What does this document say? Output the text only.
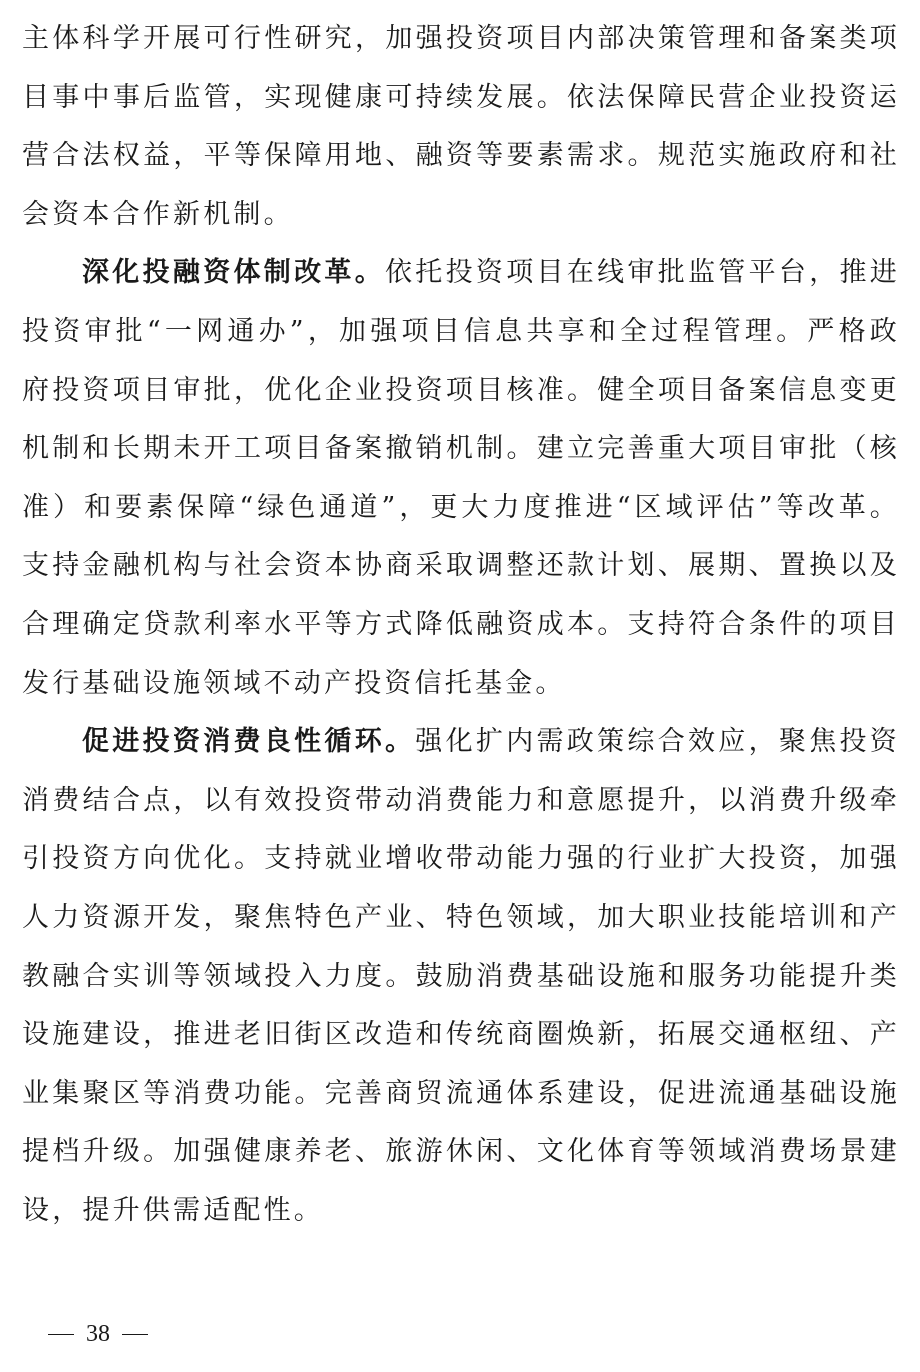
主体科学开展可行性研究，加强投资项目内部决策管理和备案类项目事中事后监管，实现健康可持续发展。依法保障民营企业投资运营合法权益，平等保障用地、融资等要素需求。规范实施政府和社会资本合作新机制。

深化投融资体制改革。依托投资项目在线审批监管平台，推进投资审批“一网通办”，加强项目信息共享和全过程管理。严格政府投资项目审批，优化企业投资项目核准。健全项目备案信息变更机制和长期未开工项目备案撤销机制。建立完善重大项目审批（核准）和要素保障“绿色通道”，更大力度推进“区域评估”等改革。支持金融机构与社会资本协商采取调整还款计划、展期、置换以及合理确定贷款利率水平等方式降低融资成本。支持符合条件的项目发行基础设施领域不动产投资信托基金。

促进投资消费良性循环。强化扩内需政策综合效应，聚焦投资消费结合点，以有效投资带动消费能力和意愿提升，以消费升级牵引投资方向优化。支持就业增收带动能力强的行业扩大投资，加强人力资源开发，聚焦特色产业、特色领域，加大职业技能培训和产教融合实训等领域投入力度。鼓励消费基础设施和服务功能提升类设施建设，推进老旧街区改造和传统商圈焕新，拓展交通枢纽、产业集聚区等消费功能。完善商贸流通体系建设，促进流通基础设施提档升级。加强健康养老、旅游休闲、文化体育等领域消费场景建设，提升供需适配性。

38
